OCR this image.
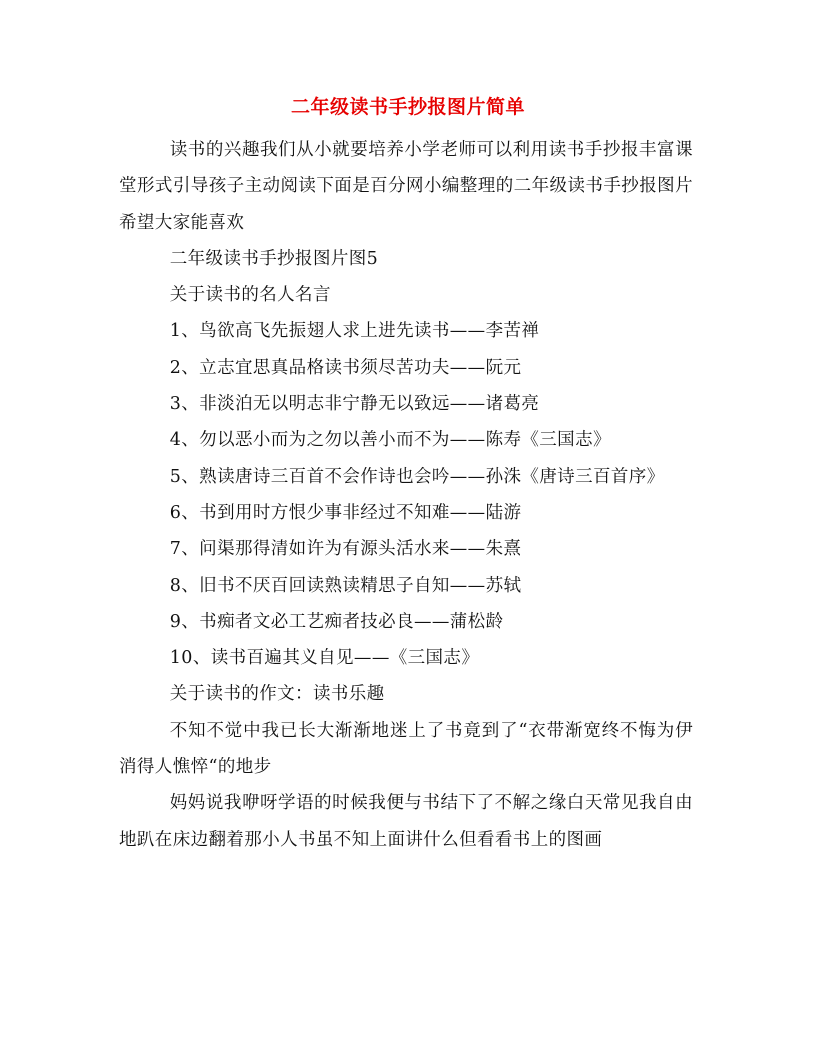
二年级读书手抄报图片简单

读书的兴趣我们从小就要培养小学老师可以利用读书手抄报丰富课堂形式引导孩子主动阅读下面是百分网小编整理的二年级读书手抄报图片希望大家能喜欢

二年级读书手抄报图片图5

关于读书的名人名言

1、鸟欲高飞先振翅人求上进先读书——李苦禅

2、立志宜思真品格读书须尽苦功夫——阮元

3、非淡泊无以明志非宁静无以致远——诸葛亮

4、勿以恶小而为之勿以善小而不为——陈寿《三国志》

5、熟读唐诗三百首不会作诗也会吟——孙洙《唐诗三百首序》

6、书到用时方恨少事非经过不知难——陆游

7、问渠那得清如许为有源头活水来——朱熹

8、旧书不厌百回读熟读精思子自知——苏轼

9、书痴者文必工艺痴者技必良——蒲松龄

10、读书百遍其义自见——《三国志》

关于读书的作文：读书乐趣

不知不觉中我已长大渐渐地迷上了书竟到了“衣带渐宽终不悔为伊消得人憔悴“的地步

妈妈说我咿呀学语的时候我便与书结下了不解之缘白天常见我自由地趴在床边翻着那小人书虽不知上面讲什么但看看书上的图画
